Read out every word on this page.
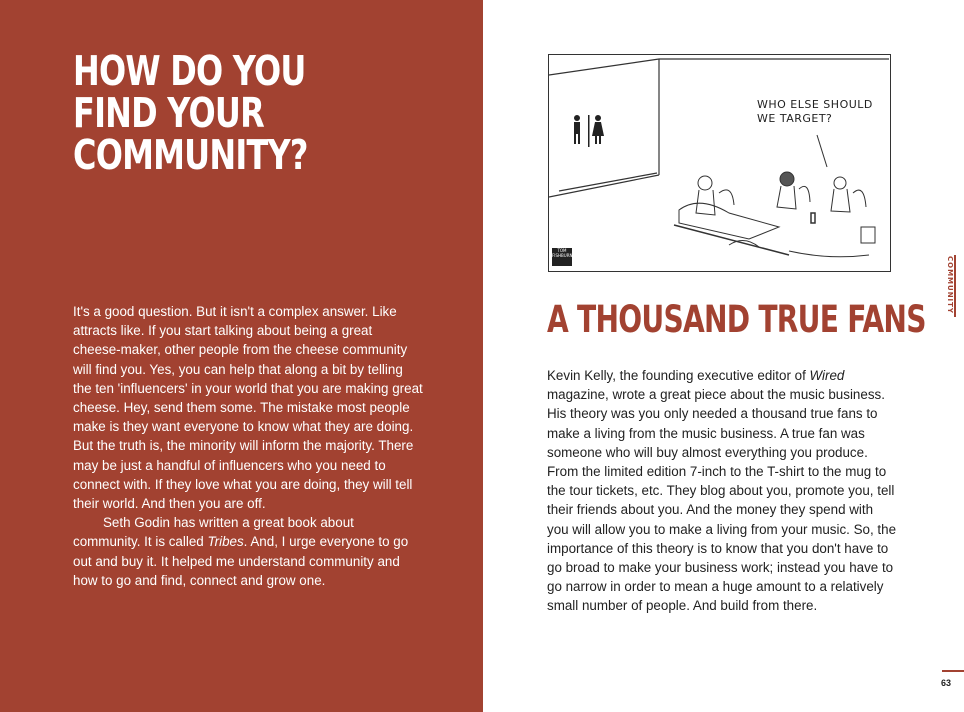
HOW DO YOU
FIND YOUR
COMMUNITY?

It's a good question. But it isn't a complex answer. Like attracts like. If you start talking about being a great cheese-maker, other people from the cheese community will find you. Yes, you can help that along a bit by telling the ten 'influencers' in your world that you are making great cheese. Hey, send them some. The mistake most people make is they want everyone to know what they are doing. But the truth is, the minority will inform the majority. There may be just a handful of influencers who you need to connect with. If they love what you are doing, they will tell their world. And then you are off.

Seth Godin has written a great book about community. It is called Tribes. And, I urge everyone to go out and buy it. It helped me understand community and how to go and find, connect and grow one.

WHO ELSE SHOULD
WE TARGET?
TOM FISHBURNE
A THOUSAND TRUE FANS

Kevin Kelly, the founding executive editor of Wired magazine, wrote a great piece about the music business. His theory was you only needed a thousand true fans to make a living from the music business. A true fan was someone who will buy almost everything you produce. From the limited edition 7-inch to the T-shirt to the mug to the tour tickets, etc. They blog about you, promote you, tell their friends about you. And the money they spend with you will allow you to make a living from your music. So, the importance of this theory is to know that you don't have to go broad to make your business work; instead you have to go narrow in order to mean a huge amount to a relatively small number of people. And build from there.

COMMUNITY
63
